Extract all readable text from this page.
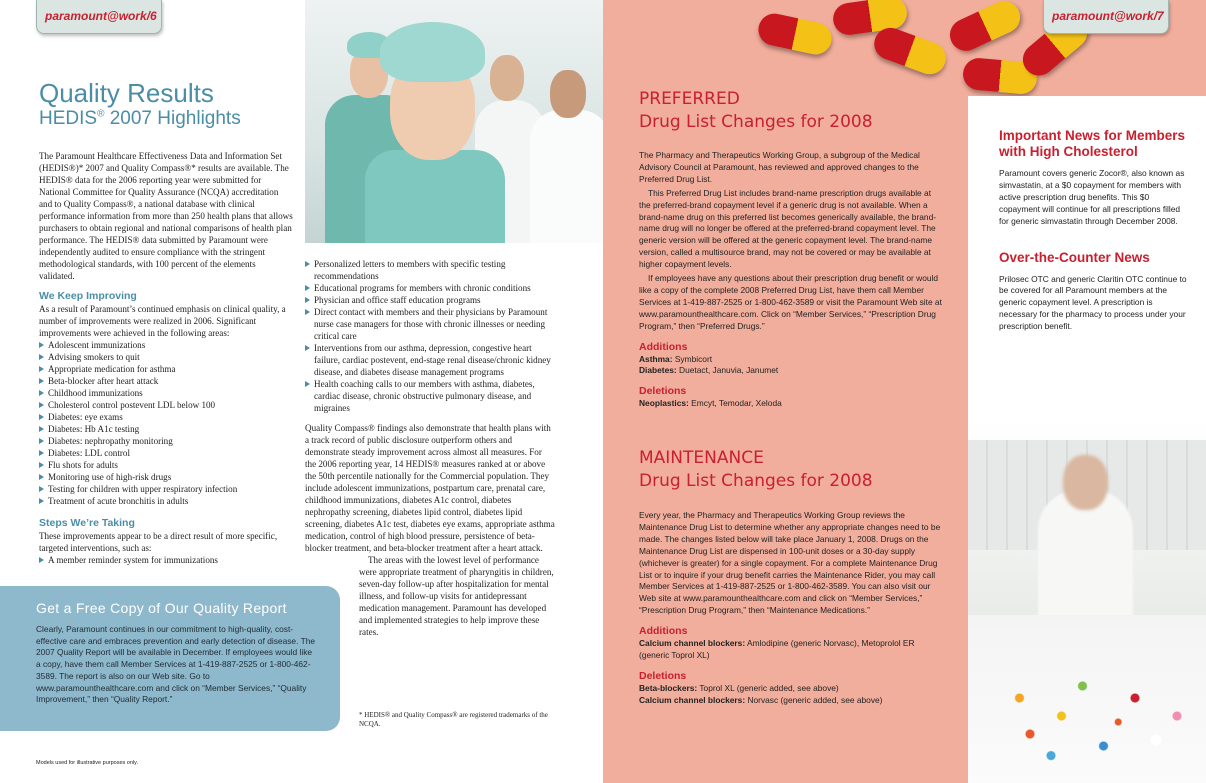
paramount@work/6
Quality Results
HEDIS® 2007 Highlights

The Paramount Healthcare Effectiveness Data and Information Set (HEDIS®)* 2007 and Quality Compass®* results are available. The HEDIS® data for the 2006 reporting year were submitted for National Committee for Quality Assurance (NCQA) accreditation and to Quality Compass®, a national database with clinical performance information from more than 250 health plans that allows purchasers to obtain regional and national comparisons of health plan performance. The HEDIS® data submitted by Paramount were independently audited to ensure compliance with the stringent methodological standards, with 100 percent of the elements validated.

We Keep Improving
As a result of Paramount’s continued emphasis on clinical quality, a number of improvements were realized in 2006. Significant improvements were achieved in the following areas:
Adolescent immunizations
Advising smokers to quit
Appropriate medication for asthma
Beta-blocker after heart attack
Childhood immunizations
Cholesterol control postevent LDL below 100
Diabetes: eye exams
Diabetes: Hb A1c testing
Diabetes: nephropathy monitoring
Diabetes: LDL control
Flu shots for adults
Monitoring use of high-risk drugs
Testing for children with upper respiratory infection
Treatment of acute bronchitis in adults
Steps We’re Taking
These improvements appear to be a direct result of more specific, targeted interventions, such as:
A member reminder system for immunizations
Personalized letters to members with specific testing recommendations
Educational programs for members with chronic conditions
Physician and office staff education programs
Direct contact with members and their physicians by Paramount nurse case managers for those with chronic illnesses or needing critical care
Interventions from our asthma, depression, congestive heart failure, cardiac postevent, end-stage renal disease/chronic kidney disease, and diabetes disease management programs
Health coaching calls to our members with asthma, diabetes, cardiac disease, chronic obstructive pulmonary disease, and migraines

Quality Compass® findings also demonstrate that health plans with a track record of public disclosure outperform others and demonstrate steady improvement across almost all measures. For the 2006 reporting year, 14 HEDIS® measures ranked at or above the 50th percentile nationally for the Commercial population. They include adolescent immunizations, postpartum care, prenatal care, childhood immunizations, diabetes A1c control, diabetes nephropathy screening, diabetes lipid control, diabetes lipid screening, diabetes A1c test, diabetes eye exams, appropriate asthma medication, control of high blood pressure, persistence of beta-blocker treatment, and beta-blocker treatment after a heart attack.

The areas with the lowest level of performance were appropriate treatment of pharyngitis in children, seven-day follow-up after hospitalization for mental illness, and follow-up visits for antidepressant medication management. Paramount has developed and implemented strategies to help improve these rates.

Get a Free Copy of Our Quality Report
Clearly, Paramount continues in our commitment to high-quality, cost-effective care and embraces prevention and early detection of disease. The 2007 Quality Report will be available in December. If employees would like a copy, have them call Member Services at 1-419-887-2525 or 1-800-462-3589. The report is also on our Web site. Go to www.paramounthealthcare.com and click on “Member Services,” “Quality Improvement,” then “Quality Report.”
* HEDIS® and Quality Compass® are registered trademarks of the NCQA.
Models used for illustrative purposes only.
paramount@work/7
PREFERRED
Drug List Changes for 2008

The Pharmacy and Therapeutics Working Group, a subgroup of the Medical Advisory Council at Paramount, has reviewed and approved changes to the Preferred Drug List.

This Preferred Drug List includes brand-name prescription drugs available at the preferred-brand copayment level if a generic drug is not available. When a brand-name drug on this preferred list becomes generically available, the brand-name drug will no longer be offered at the preferred-brand copayment level. The generic version will be offered at the generic copayment level. The brand-name version, called a multisource brand, may not be covered or may be available at higher copayment levels.

If employees have any questions about their prescription drug benefit or would like a copy of the complete 2008 Preferred Drug List, have them call Member Services at 1-419-887-2525 or 1-800-462-3589 or visit the Paramount Web site at www.paramounthealthcare.com. Click on “Member Services,” “Prescription Drug Program,” then “Preferred Drugs.”

Additions
Asthma: Symbicort
Diabetes: Duetact, Januvia, Janumet
Deletions
Neoplastics: Emcyt, Temodar, Xeloda
MAINTENANCE
Drug List Changes for 2008

Every year, the Pharmacy and Therapeutics Working Group reviews the Maintenance Drug List to determine whether any appropriate changes need to be made. The changes listed below will take place January 1, 2008. Drugs on the Maintenance Drug List are dispensed in 100-unit doses or a 30-day supply (whichever is greater) for a single copayment. For a complete Maintenance Drug List or to inquire if your drug benefit carries the Maintenance Rider, you may call Member Services at 1-419-887-2525 or 1-800-462-3589. You can also visit our Web site at www.paramounthealthcare.com and click on “Member Services,” “Prescription Drug Program,” then “Maintenance Medications.”

Additions
Calcium channel blockers: Amlodipine (generic Norvasc), Metoprolol ER (generic Toprol XL)
Deletions
Beta-blockers: Toprol XL (generic added, see above)
Calcium channel blockers: Norvasc (generic added, see above)
Important News for Members with High Cholesterol
Paramount covers generic Zocor®, also known as simvastatin, at a $0 copayment for members with active prescription drug benefits. This $0 copayment will continue for all prescriptions filled for generic simvastatin through December 2008.
Over-the-Counter News
Prilosec OTC and generic Claritin OTC continue to be covered for all Paramount members at the generic copayment level. A prescription is necessary for the pharmacy to process under your prescription benefit.
